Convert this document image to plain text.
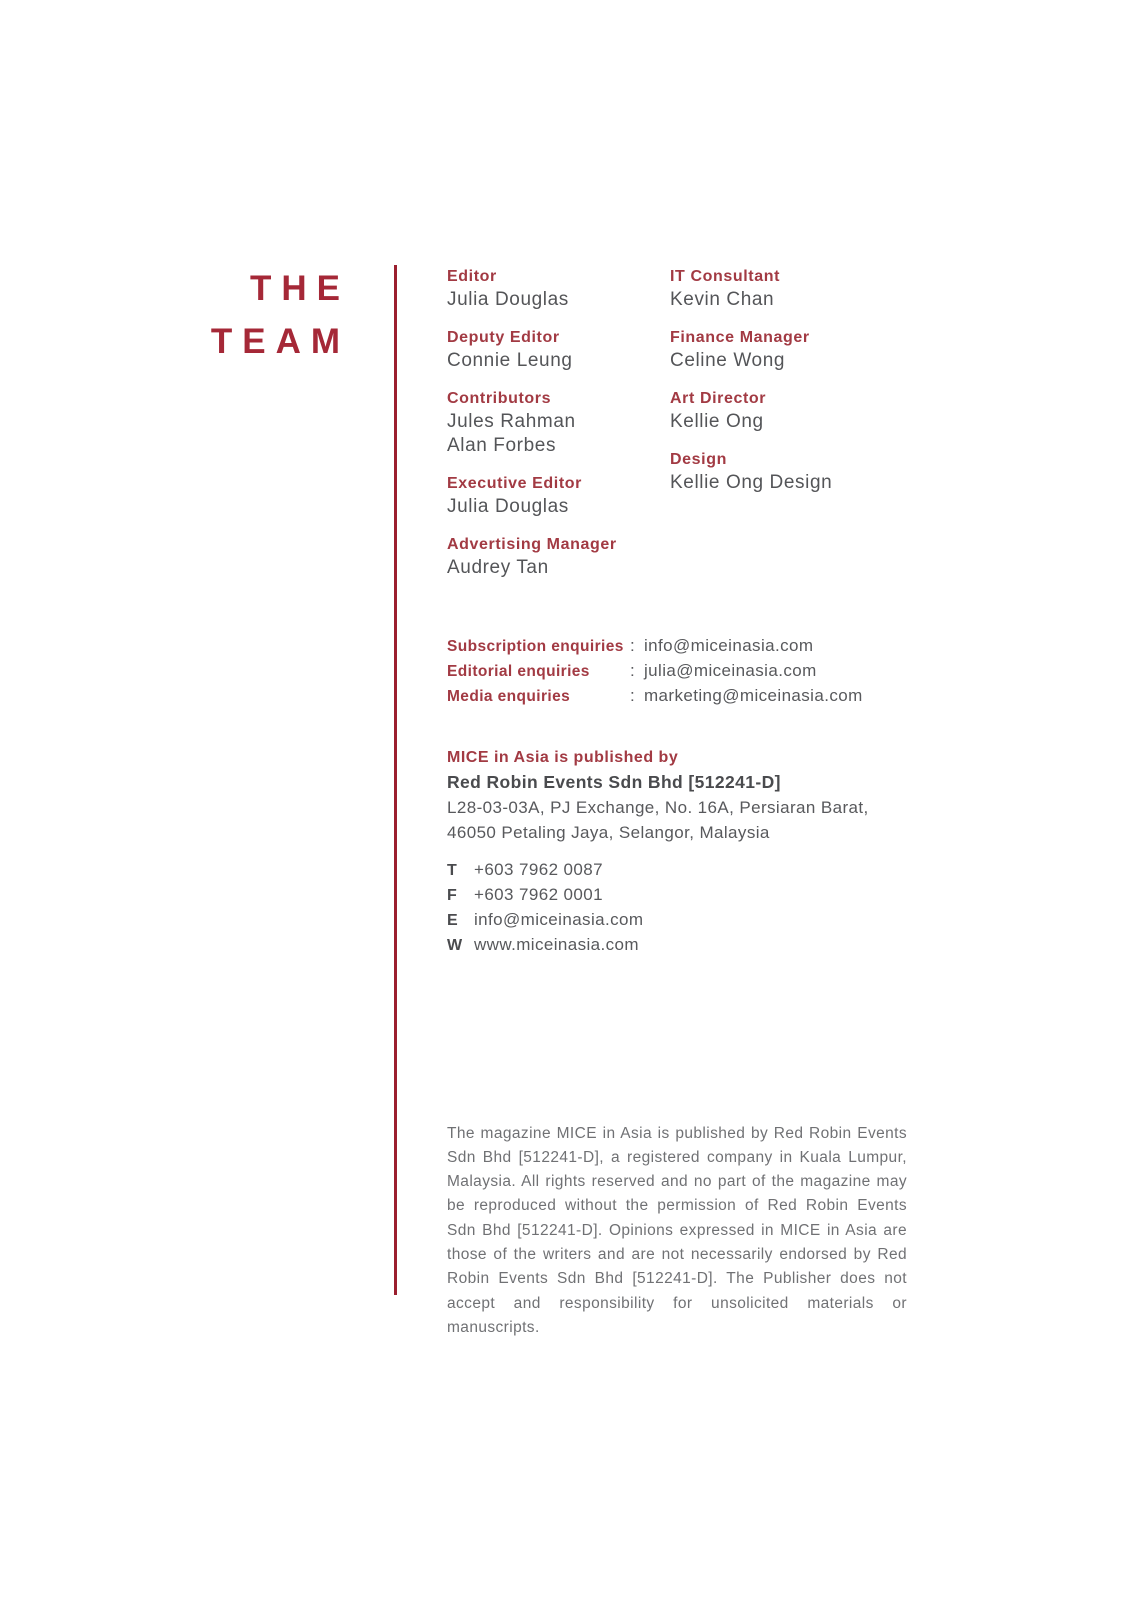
THE
TEAM
Editor
Julia Douglas
Deputy Editor
Connie Leung
Contributors
Jules Rahman
Alan Forbes
Executive Editor
Julia Douglas
Advertising Manager
Audrey Tan
IT Consultant
Kevin Chan
Finance Manager
Celine Wong
Art Director
Kellie Ong
Design
Kellie Ong Design
Subscription enquiries : info@miceinasia.com
Editorial enquiries	: julia@miceinasia.com
Media enquiries	: marketing@miceinasia.com
MICE in Asia is published by
Red Robin Events Sdn Bhd [512241-D]
L28-03-03A, PJ Exchange, No. 16A, Persiaran Barat,
46050 Petaling Jaya, Selangor, Malaysia
T	+603 7962 0087
F	+603 7962 0001
E info@miceinasia.com
W www.miceinasia.com

The magazine MICE in Asia is published by Red Robin Events Sdn Bhd [512241-D], a registered company in Kuala Lumpur, Malaysia. All rights reserved and no part of the magazine may be reproduced without the permission of Red Robin Events Sdn Bhd [512241-D]. Opinions expressed in MICE in Asia are those of the writers and are not necessarily endorsed by Red Robin Events Sdn Bhd [512241-D]. The Publisher does not accept and responsibility for unsolicited materials or manuscripts.
